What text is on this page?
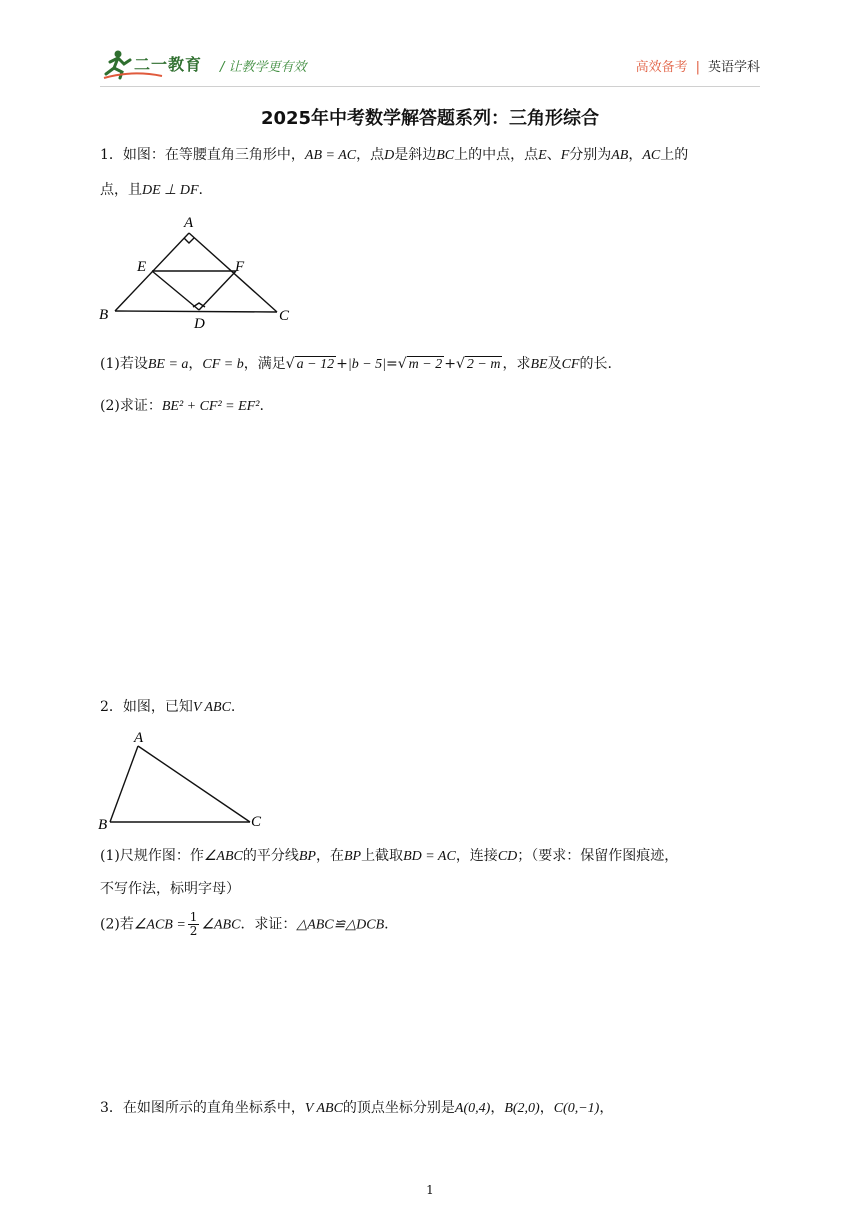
二一教育 / 让教学更有效	高效备考 | 英语学科
2025年中考数学解答题系列：三角形综合
1．如图：在等腰直角三角形中，AB = AC，点D是斜边BC上的中点，点E、F分别为AB，AC上的
点，且DE ⊥ DF.
A
E	F
B
D	C
(1)若设BE = a，CF = b，满足√ a − 12 +|b − 5|=√ m − 2 +√ 2 − m ，求BE及CF的长.
(2)求证：BE² + CF² = EF².
2．如图，已知V ABC.
A
B	C
(1)尺规作图：作∠ABC的平分线BP，在BP上截取BD = AC，连接CD；（要求：保留作图痕迹，
不写作法，标明字母）
(2)若∠ACB = $\frac{1}{2}$ ∠ABC．求证：△ABC≌△DCB.
3．在如图所示的直角坐标系中，V ABC的顶点坐标分别是A(0,4)，B(2,0)，C(0,−1)，
1
